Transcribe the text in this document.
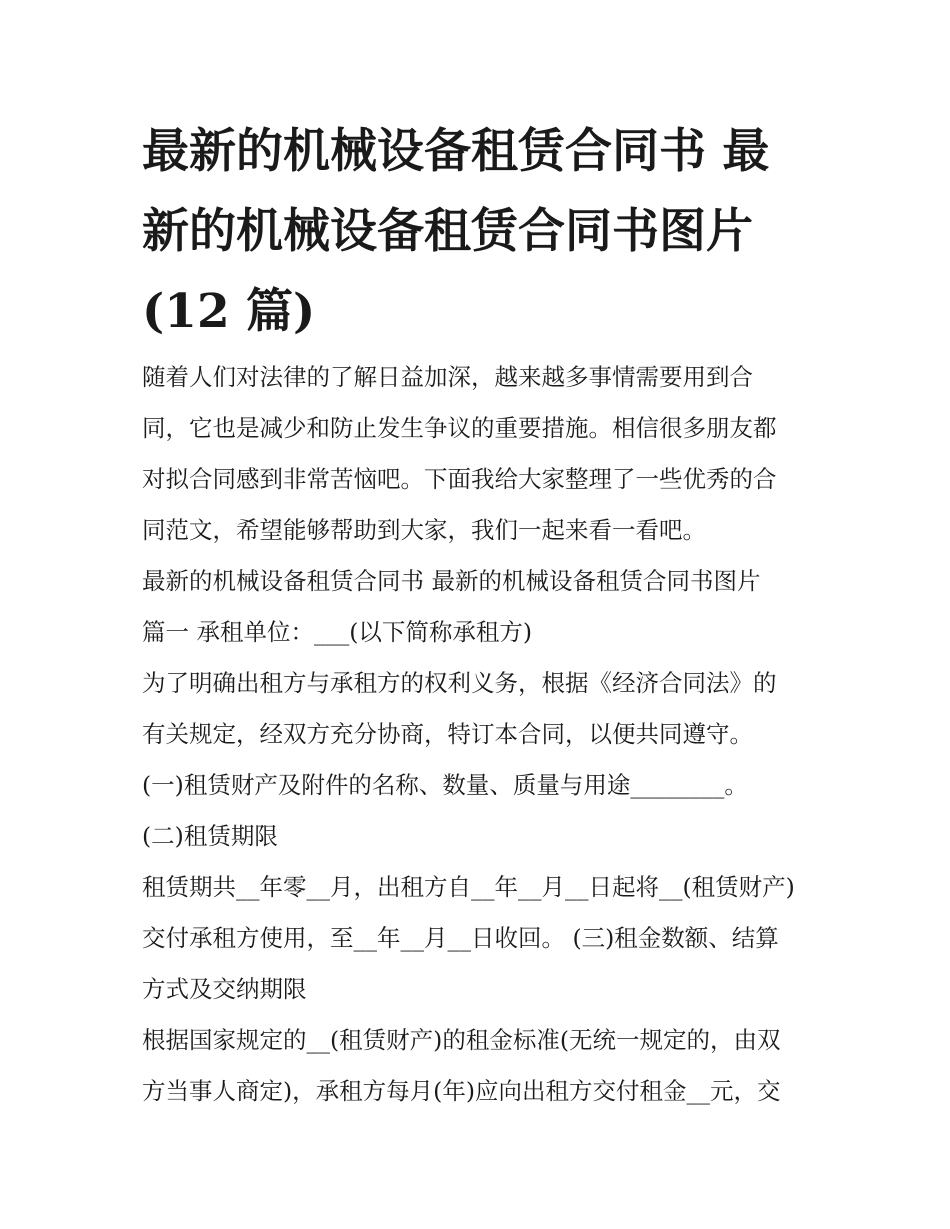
最新的机械设备租赁合同书 最
新的机械设备租赁合同书图片
(12 篇)

随着人们对法律的了解日益加深，越来越多事情需要用到合

同，它也是减少和防止发生争议的重要措施。相信很多朋友都

对拟合同感到非常苦恼吧。下面我给大家整理了一些优秀的合

同范文，希望能够帮助到大家，我们一起来看一看吧。

最新的机械设备租赁合同书 最新的机械设备租赁合同书图片

篇一 承租单位：___(以下简称承租方)

为了明确出租方与承租方的权利义务，根据《经济合同法》的

有关规定，经双方充分协商，特订本合同，以便共同遵守。

(一)租赁财产及附件的名称、数量、质量与用途________。

(二)租赁期限

租赁期共__年零__月，出租方自__年__月__日起将__(租赁财产)

交付承租方使用，至__年__月__日收回。 (三)租金数额、结算

方式及交纳期限

根据国家规定的__(租赁财产)的租金标准(无统一规定的，由双

方当事人商定)，承租方每月(年)应向出租方交付租金__元，交
